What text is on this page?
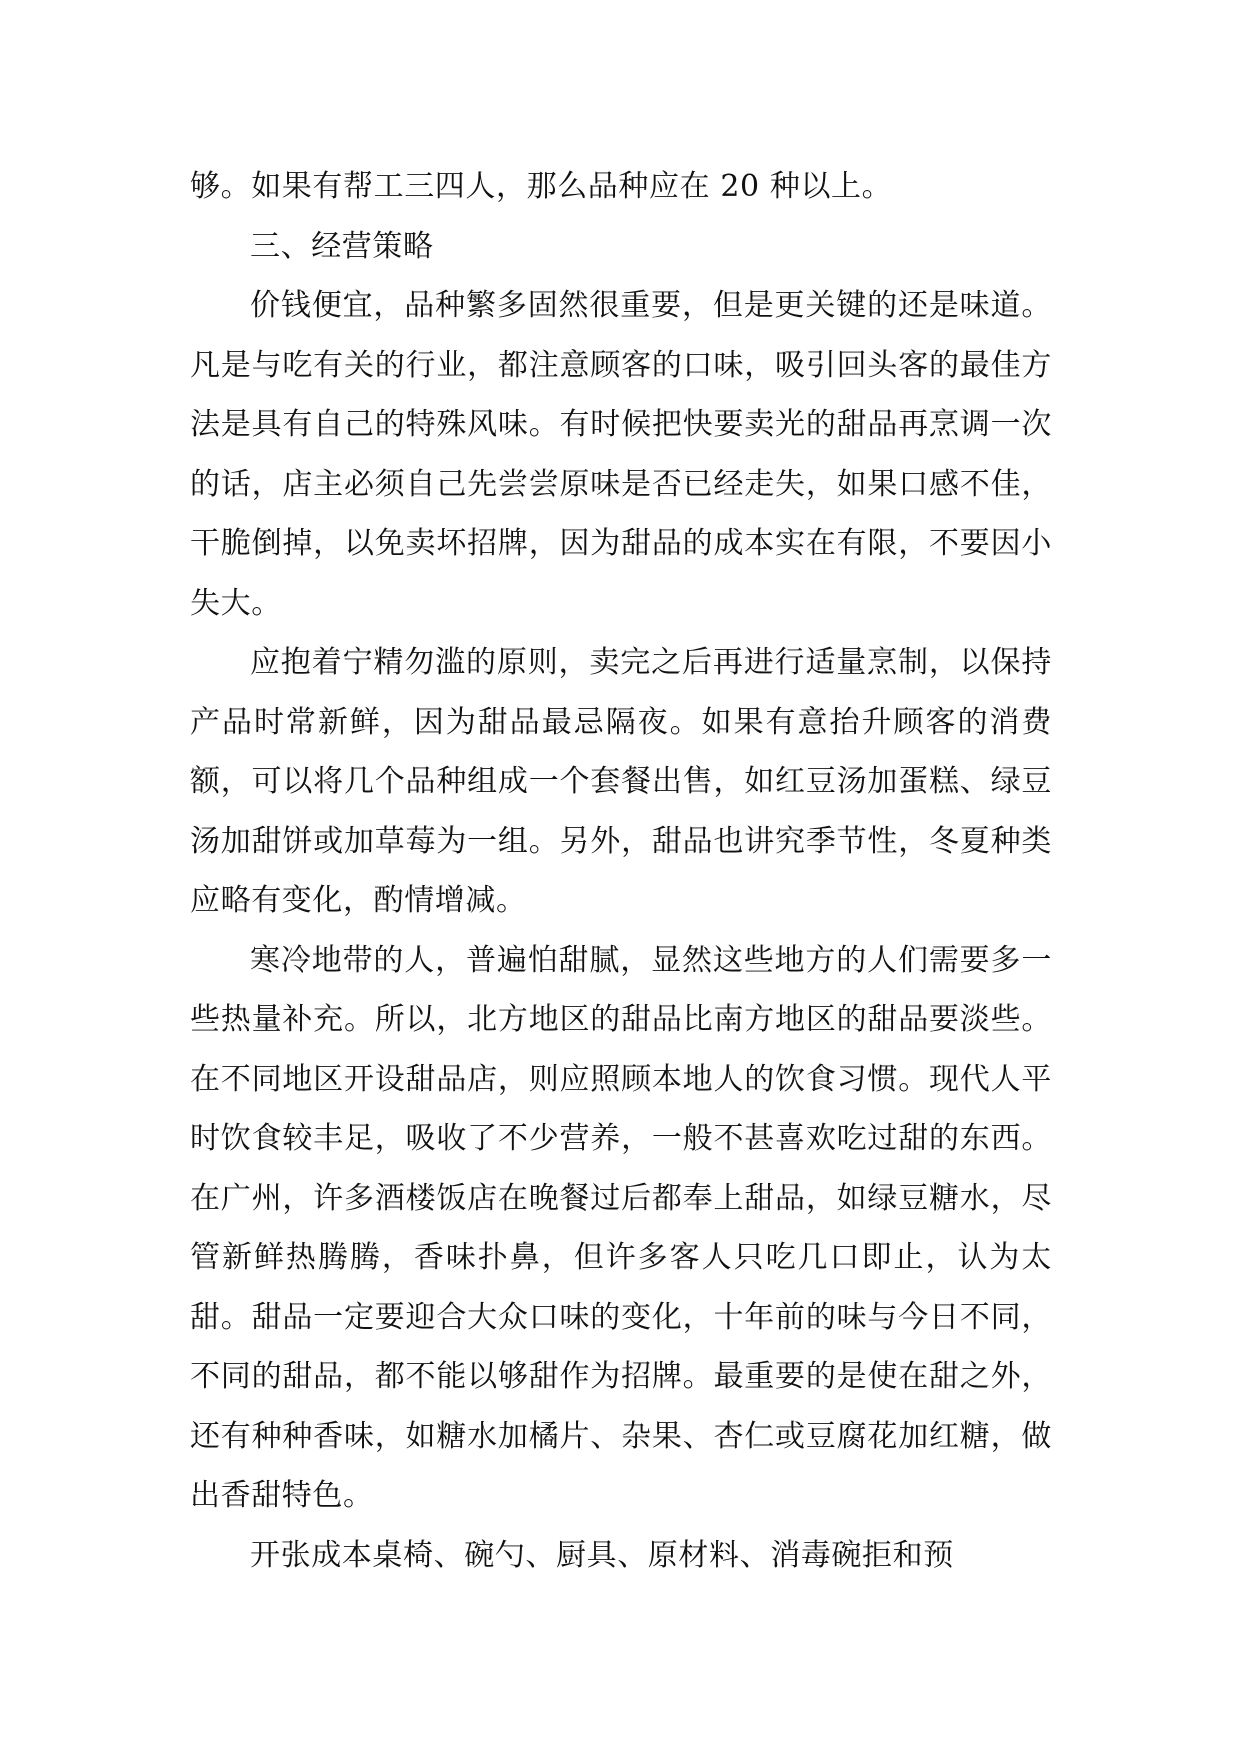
够。如果有帮工三四人，那么品种应在 20 种以上。

三、经营策略

价钱便宜，品种繁多固然很重要，但是更关键的还是味道。凡是与吃有关的行业，都注意顾客的口味，吸引回头客的最佳方法是具有自己的特殊风味。有时候把快要卖光的甜品再烹调一次的话，店主必须自己先尝尝原味是否已经走失，如果口感不佳，干脆倒掉，以免卖坏招牌，因为甜品的成本实在有限，不要因小失大。

应抱着宁精勿滥的原则，卖完之后再进行适量烹制，以保持产品时常新鲜，因为甜品最忌隔夜。如果有意抬升顾客的消费额，可以将几个品种组成一个套餐出售，如红豆汤加蛋糕、绿豆汤加甜饼或加草莓为一组。另外，甜品也讲究季节性，冬夏种类应略有变化，酌情增减。

寒冷地带的人，普遍怕甜腻，显然这些地方的人们需要多一些热量补充。所以，北方地区的甜品比南方地区的甜品要淡些。在不同地区开设甜品店，则应照顾本地人的饮食习惯。现代人平时饮食较丰足，吸收了不少营养，一般不甚喜欢吃过甜的东西。在广州，许多酒楼饭店在晚餐过后都奉上甜品，如绿豆糖水，尽管新鲜热腾腾，香味扑鼻，但许多客人只吃几口即止，认为太甜。甜品一定要迎合大众口味的变化，十年前的味与今日不同，不同的甜品，都不能以够甜作为招牌。最重要的是使在甜之外，还有种种香味，如糖水加橘片、杂果、杏仁或豆腐花加红糖，做出香甜特色。

开张成本桌椅、碗勺、厨具、原材料、消毒碗拒和预
